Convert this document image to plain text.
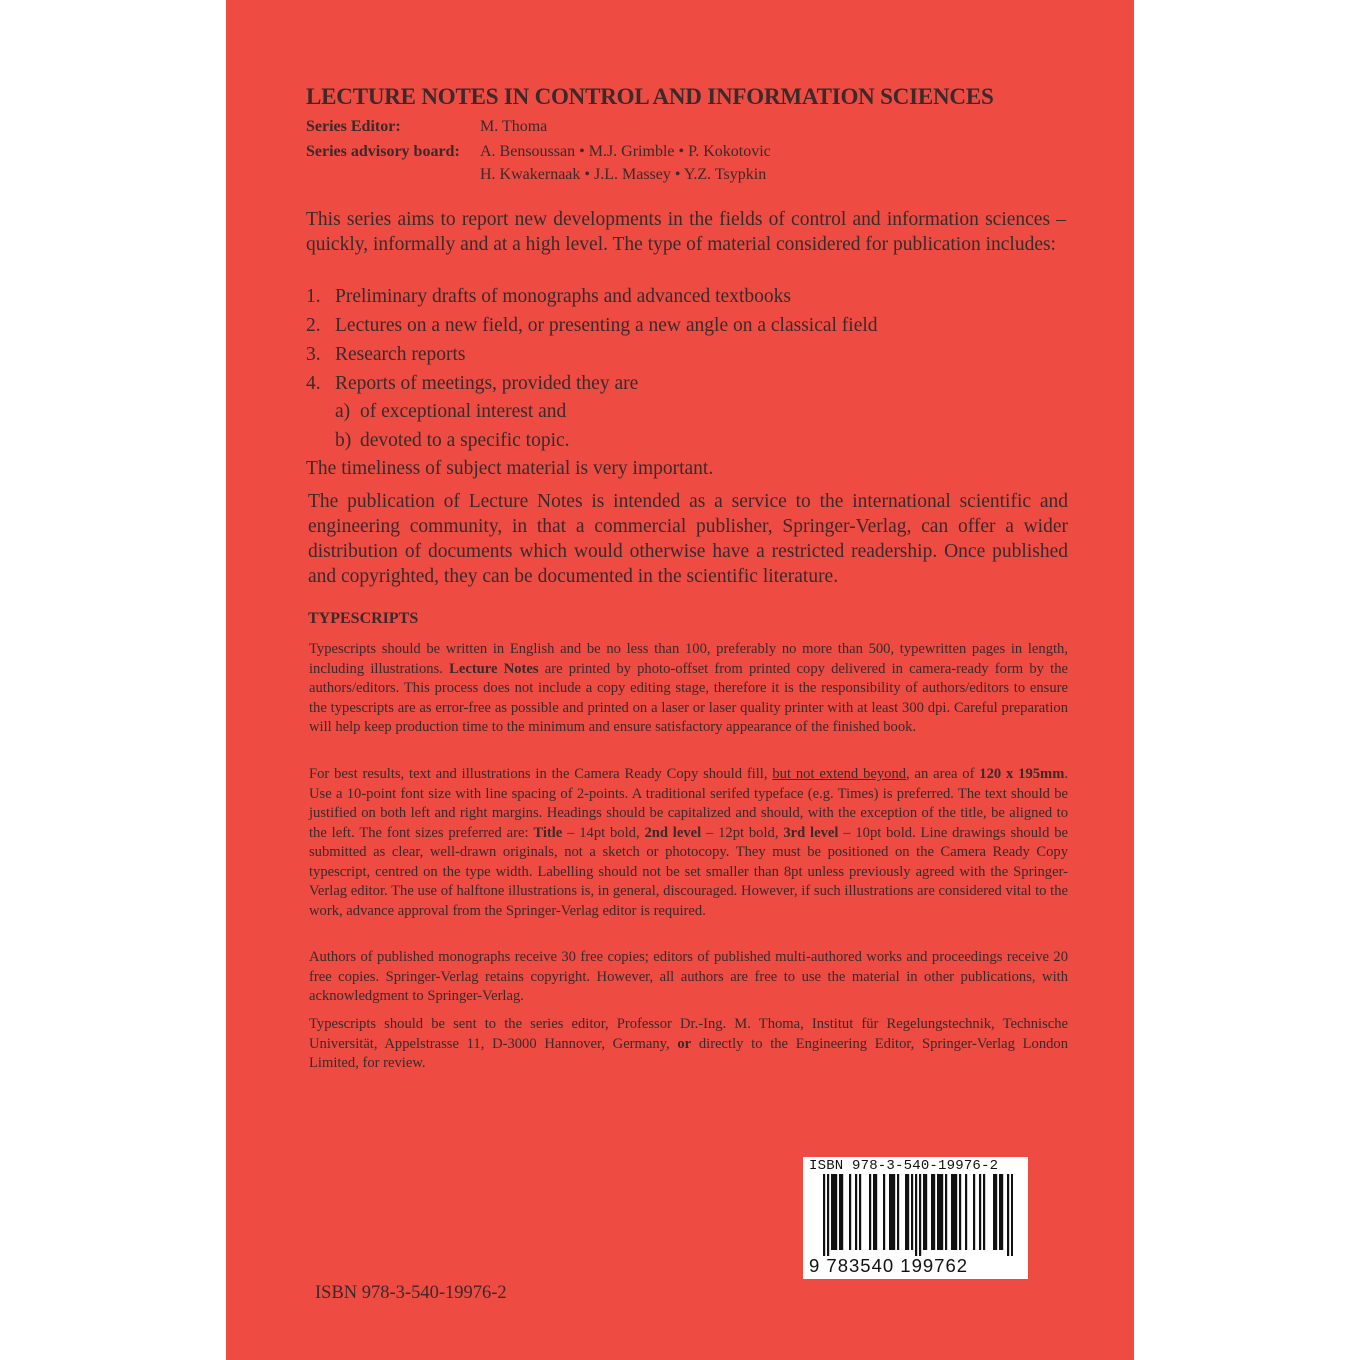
LECTURE NOTES IN CONTROL AND INFORMATION SCIENCES
Series Editor:	M. Thoma
Series advisory board: A. Bensoussan • M.J. Grimble • P. Kokotovic
H. Kwakernaak • J.L. Massey • Y.Z. Tsypkin
This series aims to report new developments in the fields of control and information sciences – quickly, informally and at a high level. The type of material considered for publication includes:
1. Preliminary drafts of monographs and advanced textbooks
2. Lectures on a new field, or presenting a new angle on a classical field
3. Research reports
4. Reports of meetings, provided they are
a) of exceptional interest and
b) devoted to a specific topic.
The timeliness of subject material is very important.
The publication of Lecture Notes is intended as a service to the international scientific and engineering community, in that a commercial publisher, Springer-Verlag, can offer a wider distribution of documents which would otherwise have a restricted readership. Once published and copyrighted, they can be documented in the scientific literature.
TYPESCRIPTS
Typescripts should be written in English and be no less than 100, preferably no more than 500, typewritten pages in length, including illustrations. Lecture Notes are printed by photo-offset from printed copy delivered in camera-ready form by the authors/editors. This process does not include a copy editing stage, therefore it is the responsibility of authors/editors to ensure the typescripts are as error-free as possible and printed on a laser or laser quality printer with at least 300 dpi. Careful preparation will help keep production time to the minimum and ensure satisfactory appearance of the finished book.
For best results, text and illustrations in the Camera Ready Copy should fill, but not extend beyond, an area of 120 x 195mm. Use a 10-point font size with line spacing of 2-points. A traditional serifed typeface (e.g. Times) is preferred. The text should be justified on both left and right margins. Headings should be capitalized and should, with the exception of the title, be aligned to the left. The font sizes preferred are: Title – 14pt bold, 2nd level – 12pt bold, 3rd level – 10pt bold. Line drawings should be submitted as clear, well-drawn originals, not a sketch or photocopy. They must be positioned on the Camera Ready Copy typescript, centred on the type width. Labelling should not be set smaller than 8pt unless previously agreed with the Springer-Verlag editor. The use of halftone illustrations is, in general, discouraged. However, if such illustrations are considered vital to the work, advance approval from the Springer-Verlag editor is required.
Authors of published monographs receive 30 free copies; editors of published multi-authored works and proceedings receive 20 free copies. Springer-Verlag retains copyright. However, all authors are free to use the material in other publications, with acknowledgment to Springer-Verlag.
Typescripts should be sent to the series editor, Professor Dr.-Ing. M. Thoma, Institut für Regelungstechnik, Technische Universität, Appelstrasse 11, D-3000 Hannover, Germany, or directly to the Engineering Editor, Springer-Verlag London Limited, for review.
ISBN 978-3-540-19976-2
9 783540 199762
ISBN 978-3-540-19976-2
